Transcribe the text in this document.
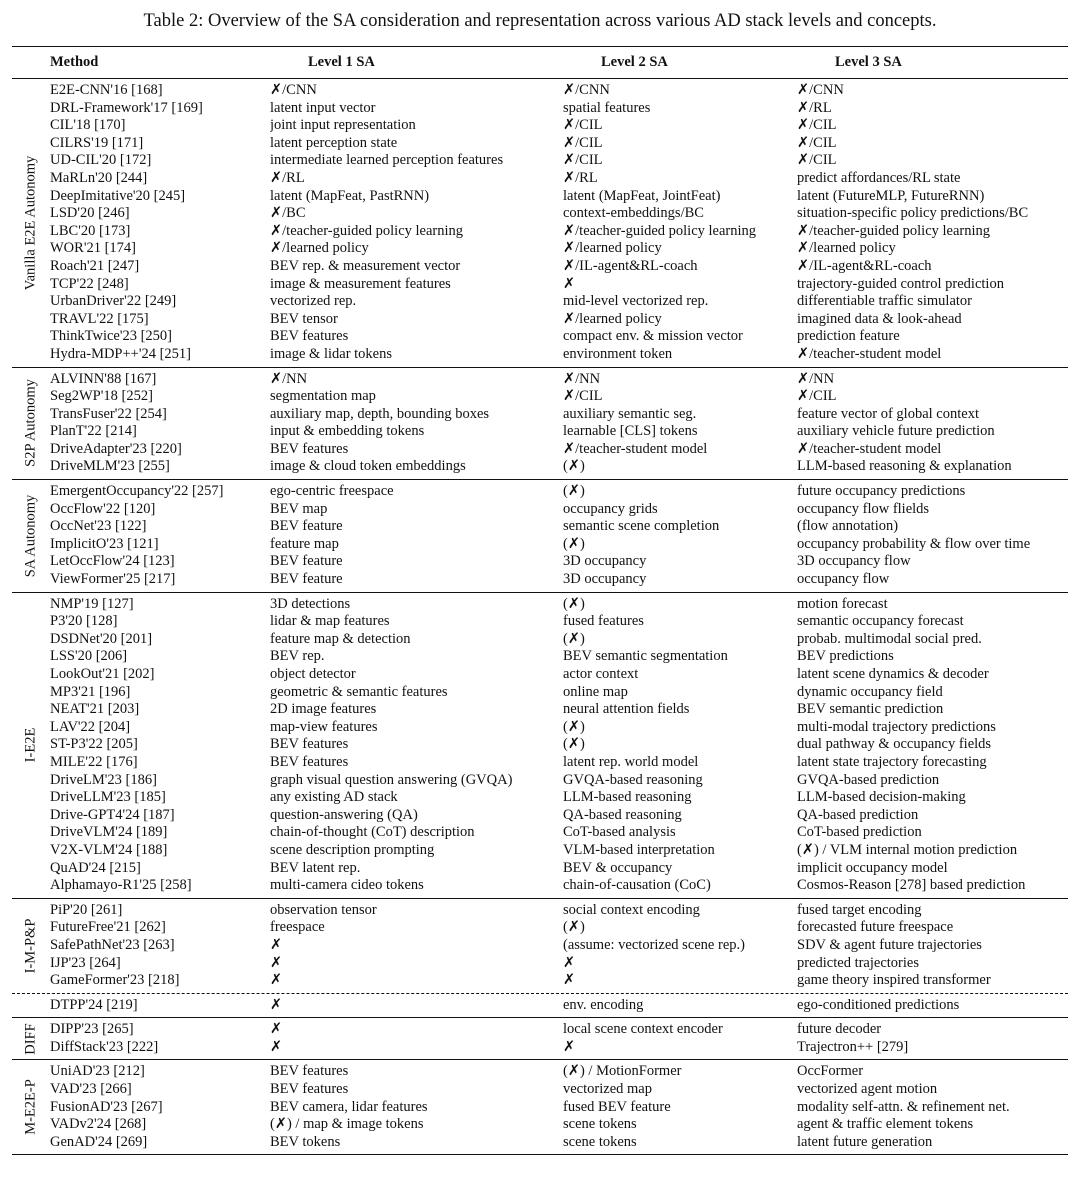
Table 2: Overview of the SA consideration and representation across various AD stack levels and concepts.
Method	Level 1 SA	Level 2 SA	Level 3 SA
Vanilla E2E Autonomy
E2E-CNN'16 [168]	✗/CNN	✗/CNN	✗/CNN
DRL-Framework'17 [169]	latent input vector	spatial features	✗/RL
CIL'18 [170]	joint input representation	✗/CIL	✗/CIL
CILRS'19 [171]	latent perception state	✗/CIL	✗/CIL
UD-CIL'20 [172]	intermediate learned perception features	✗/CIL	✗/CIL
MaRLn'20 [244]	✗/RL	✗/RL	predict affordances/RL state
DeepImitative'20 [245]	latent (MapFeat, PastRNN)	latent (MapFeat, JointFeat)	latent (FutureMLP, FutureRNN)
LSD'20 [246]	✗/BC	context-embeddings/BC	situation-specific policy predictions/BC
LBC'20 [173]	✗/teacher-guided policy learning	✗/teacher-guided policy learning	✗/teacher-guided policy learning
WOR'21 [174]	✗/learned policy	✗/learned policy	✗/learned policy
Roach'21 [247]	BEV rep. & measurement vector	✗/IL-agent&RL-coach	✗/IL-agent&RL-coach
TCP'22 [248]	image & measurement features	✗	trajectory-guided control prediction
UrbanDriver'22 [249]	vectorized rep.	mid-level vectorized rep.	differentiable traffic simulator
TRAVL'22 [175]	BEV tensor	✗/learned policy	imagined data & look-ahead
ThinkTwice'23 [250]	BEV features	compact env. & mission vector	prediction feature
Hydra-MDP++'24 [251]	image & lidar tokens	environment token	✗/teacher-student model
S2P Autonomy
ALVINN'88 [167]	✗/NN	✗/NN	✗/NN
Seg2WP'18 [252]	segmentation map	✗/CIL	✗/CIL
TransFuser'22 [254]	auxiliary map, depth, bounding boxes	auxiliary semantic seg.	feature vector of global context
PlanT'22 [214]	input & embedding tokens	learnable [CLS] tokens	auxiliary vehicle future prediction
DriveAdapter'23 [220]	BEV features	✗/teacher-student model	✗/teacher-student model
DriveMLM'23 [255]	image & cloud token embeddings	(✗)	LLM-based reasoning & explanation
SA Autonomy
EmergentOccupancy'22 [257]	ego-centric freespace	(✗)	future occupancy predictions
OccFlow'22 [120]	BEV map	occupancy grids	occupancy flow flields
OccNet'23 [122]	BEV feature	semantic scene completion	(flow annotation)
ImplicitO'23 [121]	feature map	(✗)	occupancy probability & flow over time
LetOccFlow'24 [123]	BEV feature	3D occupancy	3D occupancy flow
ViewFormer'25 [217]	BEV feature	3D occupancy	occupancy flow
I-E2E
NMP'19 [127]	3D detections	(✗)	motion forecast
P3'20 [128]	lidar & map features	fused features	semantic occupancy forecast
DSDNet'20 [201]	feature map & detection	(✗)	probab. multimodal social pred.
LSS'20 [206]	BEV rep.	BEV semantic segmentation	BEV predictions
LookOut'21 [202]	object detector	actor context	latent scene dynamics & decoder
MP3'21 [196]	geometric & semantic features	online map	dynamic occupancy field
NEAT'21 [203]	2D image features	neural attention fields	BEV semantic prediction
LAV'22 [204]	map-view features	(✗)	multi-modal trajectory predictions
ST-P3'22 [205]	BEV features	(✗)	dual pathway & occupancy fields
MILE'22 [176]	BEV features	latent rep. world model	latent state trajectory forecasting
DriveLM'23 [186]	graph visual question answering (GVQA)	GVQA-based reasoning	GVQA-based prediction
DriveLLM'23 [185]	any existing AD stack	LLM-based reasoning	LLM-based decision-making
Drive-GPT4'24 [187]	question-answering (QA)	QA-based reasoning	QA-based prediction
DriveVLM'24 [189]	chain-of-thought (CoT) description	CoT-based analysis	CoT-based prediction
V2X-VLM'24 [188]	scene description prompting	VLM-based interpretation	(✗) / VLM internal motion prediction
QuAD'24 [215]	BEV latent rep.	BEV & occupancy	implicit occupancy model
Alphamayo-R1'25 [258]	multi-camera cideo tokens	chain-of-causation (CoC)	Cosmos-Reason [278] based prediction
I-M-P&P
PiP'20 [261]	observation tensor	social context encoding	fused target encoding
FutureFree'21 [262]	freespace	(✗)	forecasted future freespace
SafePathNet'23 [263]	✗	(assume: vectorized scene rep.)	SDV & agent future trajectories
IJP'23 [264]	✗	✗	predicted trajectories
GameFormer'23 [218]	✗	✗	game theory inspired transformer
DTPP'24 [219]	✗	env. encoding	ego-conditioned predictions
DIFF DIPP'23 [265]	✗	local scene context encoder	future decoder
DiffStack'23 [222]	✗	✗	Trajectron++ [279]
M-E2E-P
UniAD'23 [212]	BEV features	(✗) / MotionFormer	OccFormer
VAD'23 [266]	BEV features	vectorized map	vectorized agent motion
FusionAD'23 [267]	BEV camera, lidar features	fused BEV feature	modality self-attn. & refinement net.
VADv2'24 [268]	(✗) / map & image tokens	scene tokens	agent & traffic element tokens
GenAD'24 [269]	BEV tokens	scene tokens	latent future generation
